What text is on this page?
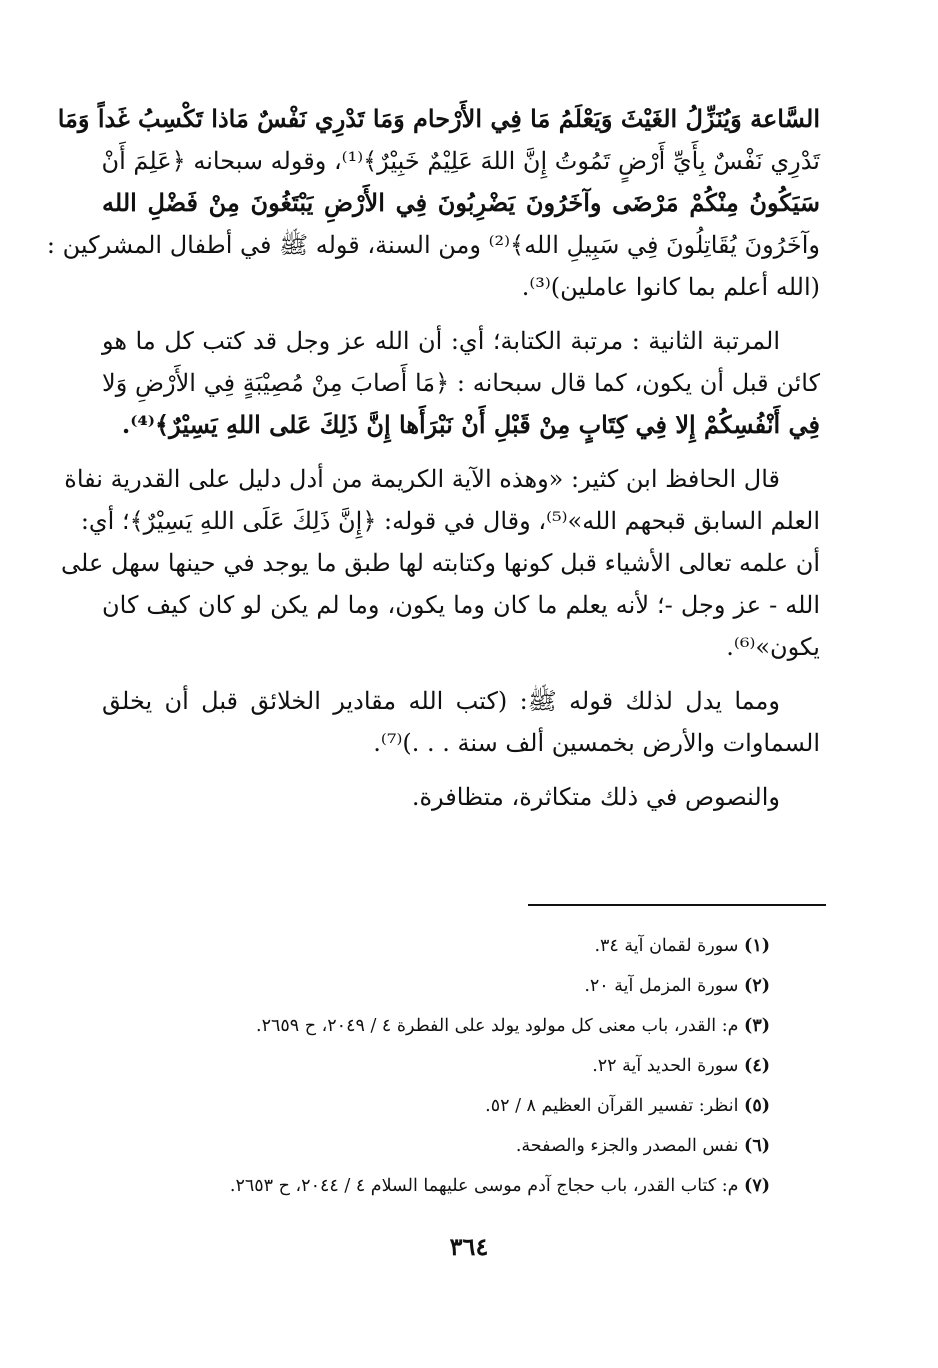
السَّاعة وَيُنَزِّلُ الغَيْثَ وَيَعْلَمُ مَا فِي الأَرْحام وَمَا تَدْرِي نَفْسٌ مَاذا تَكْسِبُ غَداً وَمَا
تَدْرِي نَفْسٌ بِأَيِّ أَرْضٍ تَمُوتُ إِنَّ اللهَ عَلِيْمٌ خَبِيْرٌ﴾⁽¹⁾، وقوله سبحانه ﴿عَلِمَ أَنْ
سَيَكُونُ مِنْكُمْ مَرْضَى وآخَرُونَ يَضْرِبُونَ فِي الأَرْضِ يَبْتَغُونَ مِنْ فَضْلِ الله
وآخَرُونَ يُقَاتِلُونَ فِي سَبِيلِ الله﴾⁽²⁾ ومن السنة، قوله ﷺ في أطفال المشركين :
(الله أعلم بما كانوا عاملين)⁽³⁾.

المرتبة الثانية : مرتبة الكتابة؛ أي: أن الله عز وجل قد كتب كل ما هو
كائن قبل أن يكون، كما قال سبحانه : ﴿مَا أَصابَ مِنْ مُصِيْبَةٍ فِي الأَرْضِ وَلا
فِي أَنْفُسِكُمْ إِلا فِي كِتَابٍ مِنْ قَبْلِ أَنْ نَبْرَأَها إِنَّ ذَلِكَ عَلى اللهِ يَسِيْرٌ﴾⁽⁴⁾.

قال الحافظ ابن كثير: «وهذه الآية الكريمة من أدل دليل على القدرية نفاة
العلم السابق قبحهم الله»⁽⁵⁾، وقال في قوله: ﴿إِنَّ ذَلِكَ عَلَى اللهِ يَسِيْرٌ﴾؛ أي:
أن علمه تعالى الأشياء قبل كونها وكتابته لها طبق ما يوجد في حينها سهل على
الله - عز وجل -؛ لأنه يعلم ما كان وما يكون، وما لم يكن لو كان كيف كان
يكون»⁽⁶⁾.

ومما يدل لذلك قوله ﷺ: (كتب الله مقادير الخلائق قبل أن يخلق
السماوات والأرض بخمسين ألف سنة . . .)⁽⁷⁾.

والنصوص في ذلك متكاثرة، متظافرة.

(١) سورة لقمان آية ٣٤.
(٢) سورة المزمل آية ٢٠.
(٣) م: القدر، باب معنى كل مولود يولد على الفطرة ٤ / ٢٠٤٩، ح ٢٦٥٩.
(٤) سورة الحديد آية ٢٢.
(٥) انظر: تفسير القرآن العظيم ٨ / ٥٢.
(٦) نفس المصدر والجزء والصفحة.
(٧) م: كتاب القدر، باب حجاج آدم موسى عليهما السلام ٤ / ٢٠٤٤، ح ٢٦٥٣.
٣٦٤
